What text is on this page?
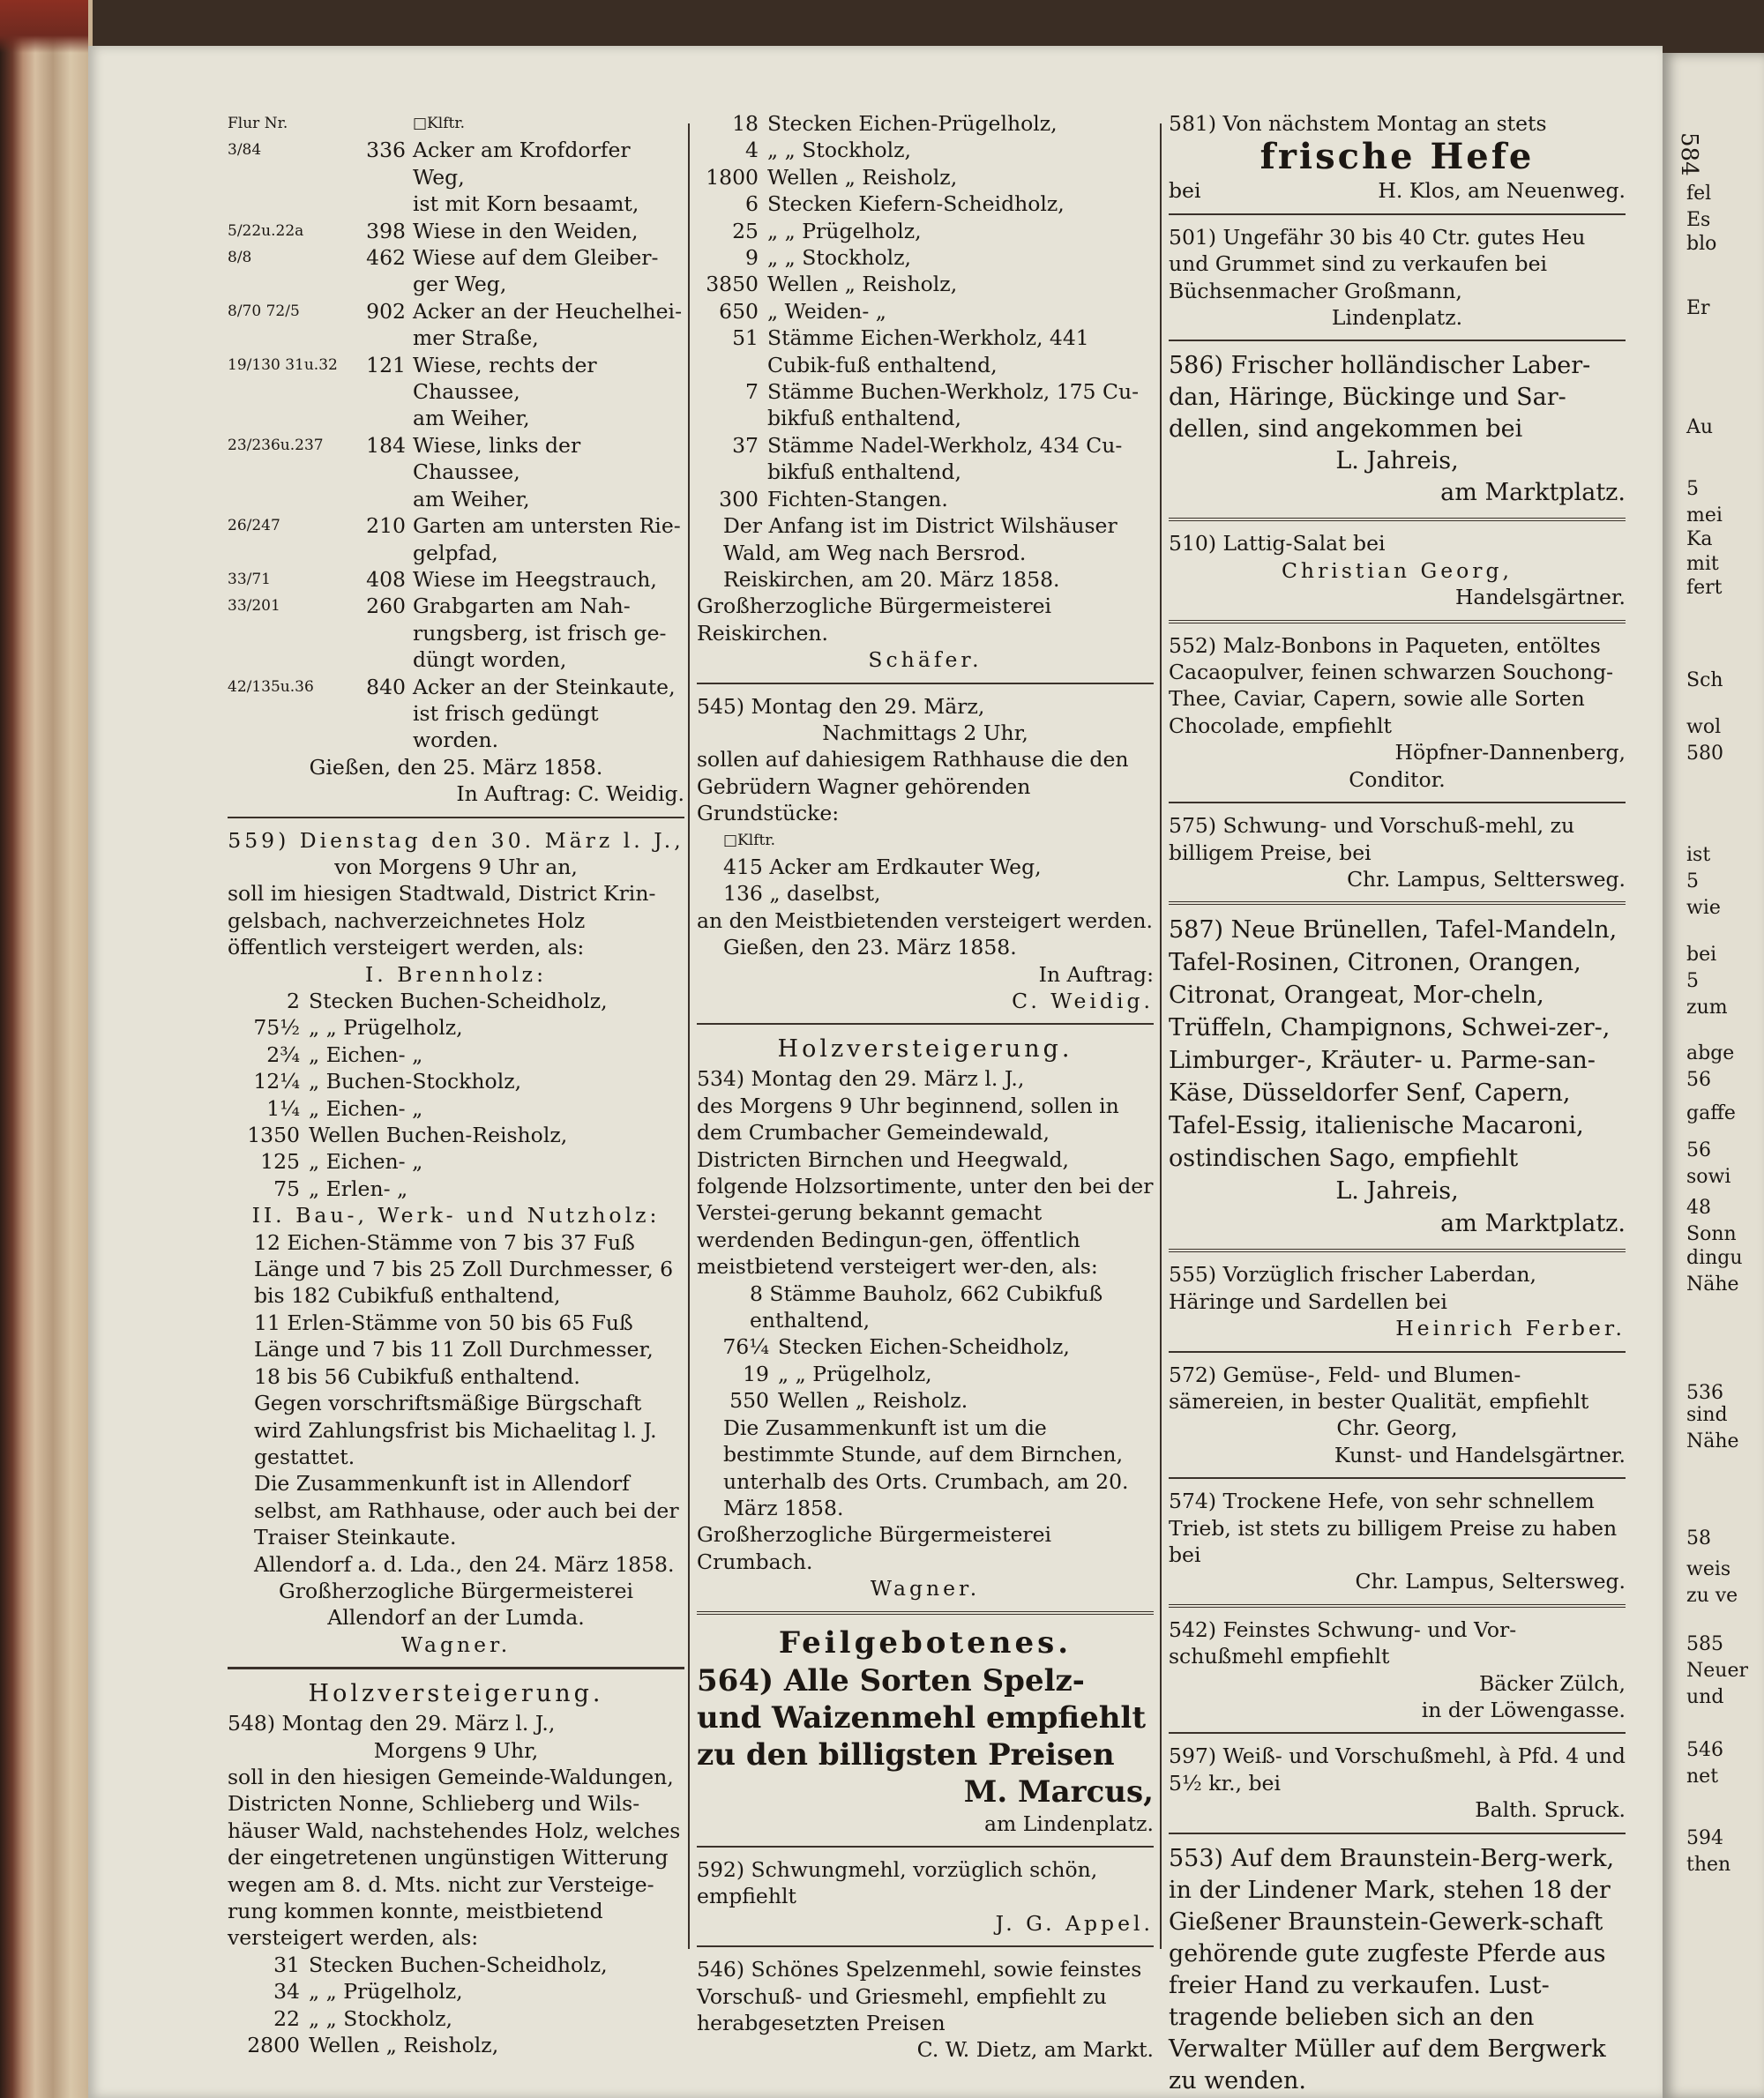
Flur Nr.	□Klftr.
3/84	336 Acker am Krofdorfer Weg,
ist mit Korn besaamt,
5/22u.22a	398 Wiese in den Weiden,
8/8	462 Wiese auf dem Gleiber-
ger Weg,
8/70 72/5	902 Acker an der Heuchelhei-
mer Straße,
19/130 31u.32	121 Wiese, rechts der Chaussee,
am Weiher,
23/236u.237	184 Wiese, links der Chaussee,
am Weiher,
26/247	210 Garten am untersten Rie-
gelpfad,
33/71	408 Wiese im Heegstrauch,
33/201	260 Grabgarten am Nah-
rungsberg, ist frisch ge-
düngt worden,
42/135u.36	840 Acker an der Steinkaute,
ist frisch gedüngt worden.

Gießen, den 25. März 1858.

In Auftrag: C. Weidig.

559) Dienstag den 30. März l. J.,

von Morgens 9 Uhr an,

soll im hiesigen Stadtwald, District Krin-gelsbach, nachverzeichnetes Holz öffentlich versteigert werden, als:

I. Brennholz:

2 Stecken Buchen-Scheidholz,
75½ „ „ Prügelholz,
2¾ „ Eichen- „
12¼ „ Buchen-Stockholz,
1¼ „ Eichen- „
1350 Wellen Buchen-Reisholz,
125 „ Eichen- „
75 „ Erlen- „

II. Bau-, Werk- und Nutzholz:

12 Eichen-Stämme von 7 bis 37 Fuß Länge und 7 bis 25 Zoll Durchmesser, 6 bis 182 Cubikfuß enthaltend,

11 Erlen-Stämme von 50 bis 65 Fuß Länge und 7 bis 11 Zoll Durchmesser, 18 bis 56 Cubikfuß enthaltend.

Gegen vorschriftsmäßige Bürgschaft wird Zahlungsfrist bis Michaelitag l. J. gestattet.

Die Zusammenkunft ist in Allendorf selbst, am Rathhause, oder auch bei der Traiser Steinkaute.

Allendorf a. d. Lda., den 24. März 1858.

Großherzogliche Bürgermeisterei Allendorf an der Lumda.

Wagner.

Holzversteigerung.

548) Montag den 29. März l. J.,

Morgens 9 Uhr,

soll in den hiesigen Gemeinde-Waldungen, Districten Nonne, Schlieberg und Wils-häuser Wald, nachstehendes Holz, welches der eingetretenen ungünstigen Witterung wegen am 8. d. Mts. nicht zur Versteige-rung kommen konnte, meistbietend versteigert werden, als:

31 Stecken Buchen-Scheidholz,
34 „ „ Prügelholz,
22 „ „ Stockholz,
2800 Wellen „ Reisholz,
18 Stecken Eichen-Prügelholz,
4 „ „ Stockholz,
1800 Wellen „ Reisholz,
6 Stecken Kiefern-Scheidholz,
25 „ „ Prügelholz,
9 „ „ Stockholz,
3850 Wellen „ Reisholz,
650 „ Weiden- „
51 Stämme Eichen-Werkholz, 441 Cubik-fuß enthaltend,
7 Stämme Buchen-Werkholz, 175 Cu-bikfuß enthaltend,
37 Stämme Nadel-Werkholz, 434 Cu-bikfuß enthaltend,
300 Fichten-Stangen.

Der Anfang ist im District Wilshäuser Wald, am Weg nach Bersrod.

Reiskirchen, am 20. März 1858.

Großherzogliche Bürgermeisterei Reiskirchen.

Schäfer.

545) Montag den 29. März,

Nachmittags 2 Uhr,

sollen auf dahiesigem Rathhause die den Gebrüdern Wagner gehörenden Grundstücke:

□Klftr.

415 Acker am Erdkauter Weg,

136 „ daselbst,

an den Meistbietenden versteigert werden.

Gießen, den 23. März 1858.

In Auftrag:

C. Weidig.

Holzversteigerung.

534) Montag den 29. März l. J.,

des Morgens 9 Uhr beginnend, sollen in dem Crumbacher Gemeindewald, Districten Birnchen und Heegwald, folgende Holzsortimente, unter den bei der Verstei-gerung bekannt gemacht werdenden Bedingun-gen, öffentlich meistbietend versteigert wer-den, als:

8 Stämme Bauholz, 662 Cubikfuß enthaltend,

76¼ Stecken Eichen-Scheidholz,
19 „ „ Prügelholz,
550 Wellen „ Reisholz.

Die Zusammenkunft ist um die bestimmte Stunde, auf dem Birnchen, unterhalb des Orts. Crumbach, am 20. März 1858.

Großherzogliche Bürgermeisterei Crumbach.

Wagner.

Feilgebotenes.

564) Alle Sorten Spelz- und Waizenmehl empfiehlt zu den billigsten Preisen

M. Marcus,

am Lindenplatz.

592) Schwungmehl, vorzüglich schön, empfiehlt

J. G. Appel.

546) Schönes Spelzenmehl, sowie feinstes Vorschuß- und Griesmehl, empfiehlt zu herabgesetzten Preisen

C. W. Dietz, am Markt.

581) Von nächstem Montag an stets

frische Hefe

bei	H. Klos, am Neuenweg.

501) Ungefähr 30 bis 40 Ctr. gutes Heu und Grummet sind zu verkaufen bei Büchsenmacher Großmann,

Lindenplatz.

586) Frischer holländischer Laber-dan, Häringe, Bückinge und Sar-dellen, sind angekommen bei

L. Jahreis,

am Marktplatz.

510) Lattig-Salat bei

Christian Georg,

Handelsgärtner.

552) Malz-Bonbons in Paqueten, entöltes Cacaopulver, feinen schwarzen Souchong-Thee, Caviar, Capern, sowie alle Sorten Chocolade, empfiehlt

Höpfner-Dannenberg,

Conditor.

575) Schwung- und Vorschuß-mehl, zu billigem Preise, bei

Chr. Lampus, Selttersweg.

587) Neue Brünellen, Tafel-Mandeln, Tafel-Rosinen, Citronen, Orangen, Citronat, Orangeat, Mor-cheln, Trüffeln, Champignons, Schwei-zer-, Limburger-, Kräuter- u. Parme-san-Käse, Düsseldorfer Senf, Capern, Tafel-Essig, italienische Macaroni, ostindischen Sago, empfiehlt

L. Jahreis,

am Marktplatz.

555) Vorzüglich frischer Laberdan, Häringe und Sardellen bei

Heinrich Ferber.

572) Gemüse-, Feld- und Blumen-sämereien, in bester Qualität, empfiehlt

Chr. Georg,

Kunst- und Handelsgärtner.

574) Trockene Hefe, von sehr schnellem Trieb, ist stets zu billigem Preise zu haben bei

Chr. Lampus, Seltersweg.

542) Feinstes Schwung- und Vor-schußmehl empfiehlt

Bäcker Zülch,

in der Löwengasse.

597) Weiß- und Vorschußmehl, à Pfd. 4 und 5½ kr., bei

Balth. Spruck.

553) Auf dem Braunstein-Berg-werk, in der Lindener Mark, stehen 18 der Gießener Braunstein-Gewerk-schaft gehörende gute zugfeste Pferde aus freier Hand zu verkaufen. Lust-tragende belieben sich an den Verwalter Müller auf dem Bergwerk zu wenden.

fel
Es
blo
Er
Au
5
mei
Ka
mit
fert
Sch
wol
580
ist
5
wie
bei
5
zum
abge
56
gaffe
56
sowi
48
Sonn
dingu
Nähe
536
sind
Nähe
58
weis
zu ve
585
Neuer
und
546
net
594
then
584
